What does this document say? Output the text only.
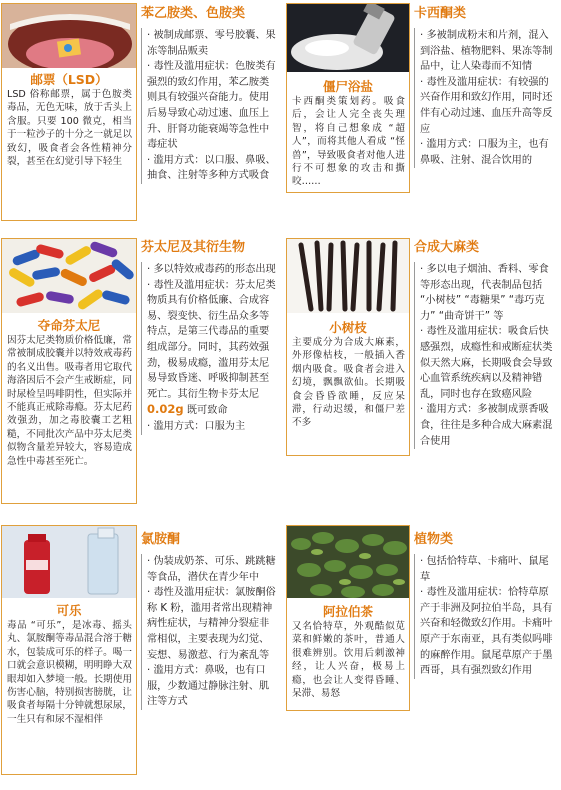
邮票（LSD）
LSD 俗称邮票，属于色胺类毒品，无色无味，放于舌头上含服。只要 100 微克，相当于一粒沙子的十分之一就足以致幻，吸食者会各性精神分裂，甚至在幻觉引导下轻生
苯乙胺类、色胺类
· 被制成邮票、零号胶囊、果冻等制品贩卖
· 毒性及滥用症状：色胺类有强烈的致幻作用，苯乙胺类则具有较强兴奋能力。使用后易导致心动过速、血压上升、肝肾功能衰竭等急性中毒症状
· 滥用方式：以口服、鼻吸、抽食、注射等多种方式吸食
僵尸浴盐
卡西酮类策划药。吸食后，会让人完全丧失理智，将自己想象成 “超人”，而将其他人看成 “怪兽”，导致吸食者对他人进行不可想象的攻击和撕咬……
卡西酮类
· 多被制成粉末和片剂，混入到浴盐、植物肥料、果冻等制品中，让人染毒而不知情
· 毒性及滥用症状：有较强的兴奋作用和致幻作用，同时还伴有心动过速、血压升高等反应
· 滥用方式：口服为主，也有鼻吸、注射、混合饮用的
夺命芬太尼
因芬太尼类物质价格低廉，常常被制成胶囊并以特效戒毒药的名义出售。吸毒者用它取代海洛因后不会产生戒断症，同时尿检呈吗啡阴性，但实际并不能真正戒除毒瘾。芬太尼药效强劲，加之毒胶囊工艺粗糙，不同批次产品中芬太尼类似物含量差异较大，容易造成急性中毒甚至死亡。
芬太尼及其衍生物
· 多以特效戒毒药的形态出现
· 毒性及滥用症状：芬太尼类物质具有价格低廉、合成容易、裂变快、衍生品众多等特点，是第三代毒品的重要组成部分。同时，其药效强劲，极易成瘾，滥用芬太尼易导致昏迷、呼吸抑制甚至死亡。其衍生物卡芬太尼 0.02g 既可致命
· 滥用方式：口服为主
小树枝
主要成分为合成大麻素，外形像枯枝，一般插入香烟内吸食。吸食者会进入幻境，飘飘欲仙。长期吸食会昏昏欲睡，反应呆滞，行动迟缓，和僵尸差不多
合成大麻类
· 多以电子烟油、香料、零食等形态出现，代表制品包括 “小树枝” “毒糖果” “毒巧克力” “曲奇饼干” 等
· 毒性及滥用症状：吸食后快感强烈，成瘾性和戒断症状类似天然大麻，长期吸食会导致心血管系统疾病以及精神错乱，同时也存在致癌风险
· 滥用方式：多被制成票香吸食，往往是多种合成大麻素混合使用
可乐
毒品 “可乐”，是冰毒、摇头丸、氯胺酮等毒品混合溶于糖水，包装成可乐的样子。喝一口就会意识模糊，明明睁大双眼却如入梦境一般。长期使用伤害心脑，特别损害膀胱，让吸食者每隔十分钟就想尿尿，一生只有和尿不湿相伴
氯胺酮
· 伪装成奶茶、可乐、跳跳糖等食品，潜伏在青少年中
· 毒性及滥用症状：氯胺酮俗称 K 粉，滥用者常出现精神病性症状，与精神分裂症非常相似，主要表现为幻觉、妄想、易激惹、行为紊乱等
· 滥用方式：鼻吸，也有口服，少数通过静脉注射、肌注等方式
阿拉伯茶
又名恰特草，外观酷似苋菜和鲜嫩的茶叶，普通人很难辨别。饮用后刺激神经，让人兴奋，极易上瘾，也会让人变得昏睡、呆滞、易怒
植物类
· 包括恰特草、卡痛叶、鼠尾草
· 毒性及滥用症状：恰特草原产于非洲及阿拉伯半岛，具有兴奋和轻微致幻作用。卡痛叶原产于东南亚，具有类似吗啡的麻醉作用。鼠尾草原产于墨西哥，具有强烈致幻作用
